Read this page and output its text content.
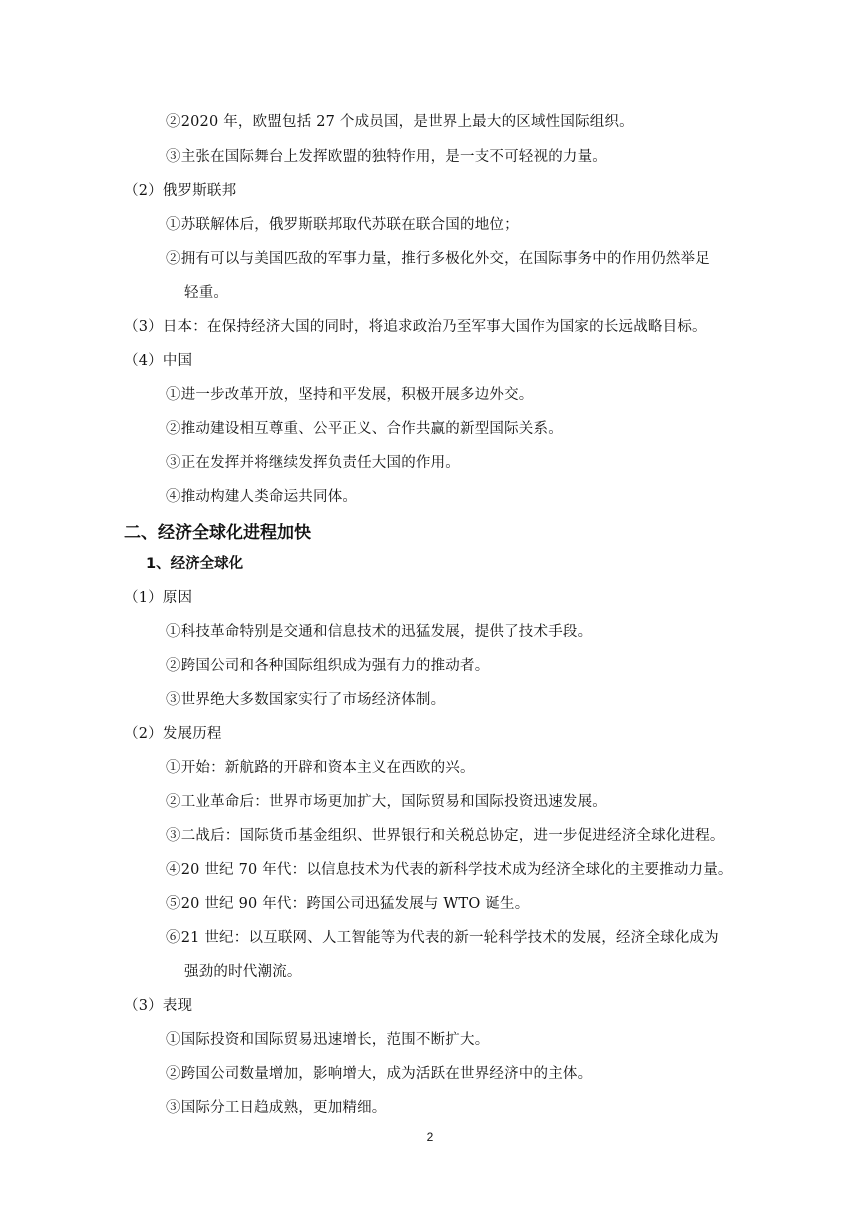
②2020 年，欧盟包括 27 个成员国，是世界上最大的区域性国际组织。
③主张在国际舞台上发挥欧盟的独特作用，是一支不可轻视的力量。
（2）俄罗斯联邦
①苏联解体后，俄罗斯联邦取代苏联在联合国的地位；
②拥有可以与美国匹敌的军事力量，推行多极化外交，在国际事务中的作用仍然举足
轻重。
（3）日本：在保持经济大国的同时，将追求政治乃至军事大国作为国家的长远战略目标。
（4）中国
①进一步改革开放，坚持和平发展，积极开展多边外交。
②推动建设相互尊重、公平正义、合作共赢的新型国际关系。
③正在发挥并将继续发挥负责任大国的作用。
④推动构建人类命运共同体。
二、经济全球化进程加快
1、经济全球化
（1）原因
①科技革命特别是交通和信息技术的迅猛发展，提供了技术手段。
②跨国公司和各种国际组织成为强有力的推动者。
③世界绝大多数国家实行了市场经济体制。
（2）发展历程
①开始：新航路的开辟和资本主义在西欧的兴。
②工业革命后：世界市场更加扩大，国际贸易和国际投资迅速发展。
③二战后：国际货币基金组织、世界银行和关税总协定，进一步促进经济全球化进程。
④20 世纪 70 年代：以信息技术为代表的新科学技术成为经济全球化的主要推动力量。
⑤20 世纪 90 年代：跨国公司迅猛发展与 WTO 诞生。
⑥21 世纪：以互联网、人工智能等为代表的新一轮科学技术的发展，经济全球化成为
强劲的时代潮流。
（3）表现
①国际投资和国际贸易迅速增长，范围不断扩大。
②跨国公司数量增加，影响增大，成为活跃在世界经济中的主体。
③国际分工日趋成熟，更加精细。
2
